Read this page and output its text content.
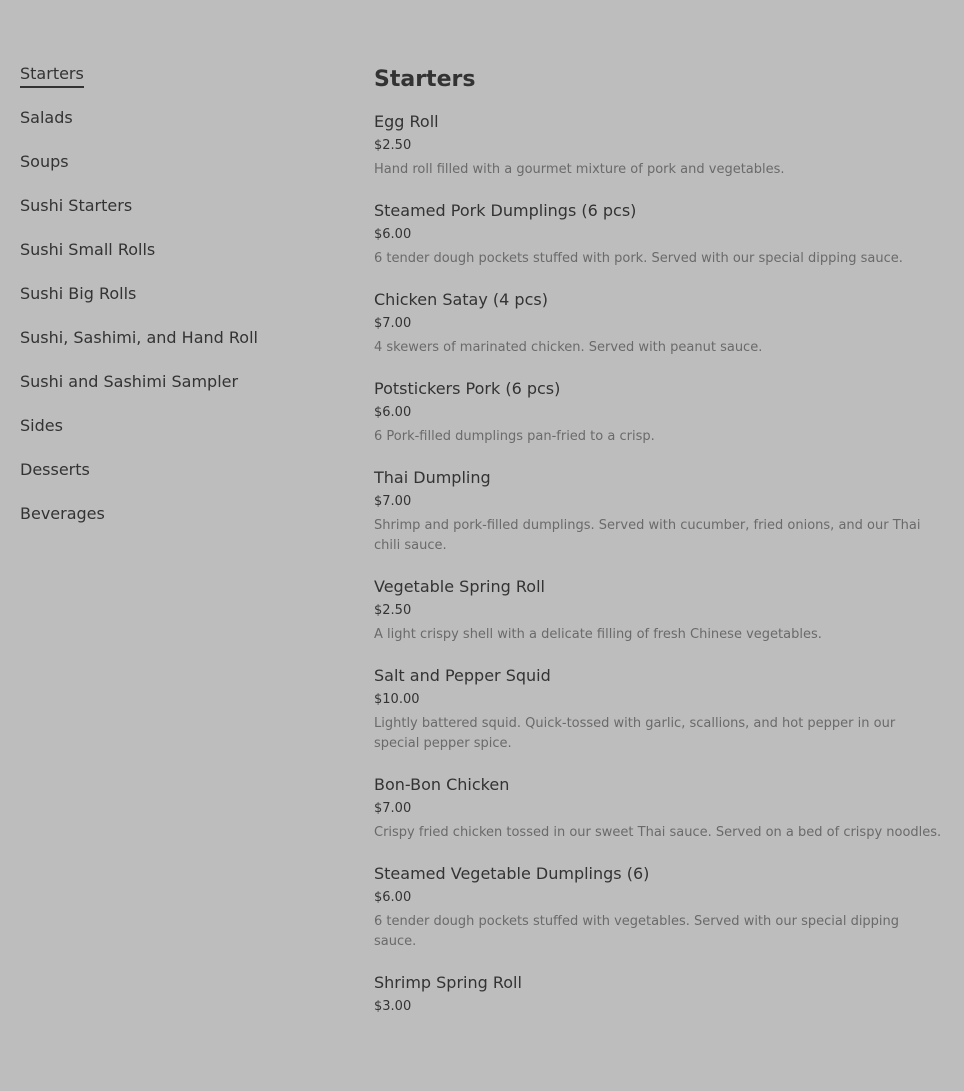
Starters
Salads
Soups
Sushi Starters
Sushi Small Rolls
Sushi Big Rolls
Sushi, Sashimi, and Hand Roll
Sushi and Sashimi Sampler
Sides
Desserts
Beverages
Starters
Egg Roll
$2.50
Hand roll filled with a gourmet mixture of pork and vegetables.
Steamed Pork Dumplings (6 pcs)
$6.00
6 tender dough pockets stuffed with pork. Served with our special dipping sauce.
Chicken Satay (4 pcs)
$7.00
4 skewers of marinated chicken. Served with peanut sauce.
Potstickers Pork (6 pcs)
$6.00
6 Pork-filled dumplings pan-fried to a crisp.
Thai Dumpling
$7.00
Shrimp and pork-filled dumplings. Served with cucumber, fried onions, and our Thai chili sauce.
Vegetable Spring Roll
$2.50
A light crispy shell with a delicate filling of fresh Chinese vegetables.
Salt and Pepper Squid
$10.00
Lightly battered squid. Quick-tossed with garlic, scallions, and hot pepper in our special pepper spice.
Bon-Bon Chicken
$7.00
Crispy fried chicken tossed in our sweet Thai sauce. Served on a bed of crispy noodles.
Steamed Vegetable Dumplings (6)
$6.00
6 tender dough pockets stuffed with vegetables. Served with our special dipping sauce.
Shrimp Spring Roll
$3.00
